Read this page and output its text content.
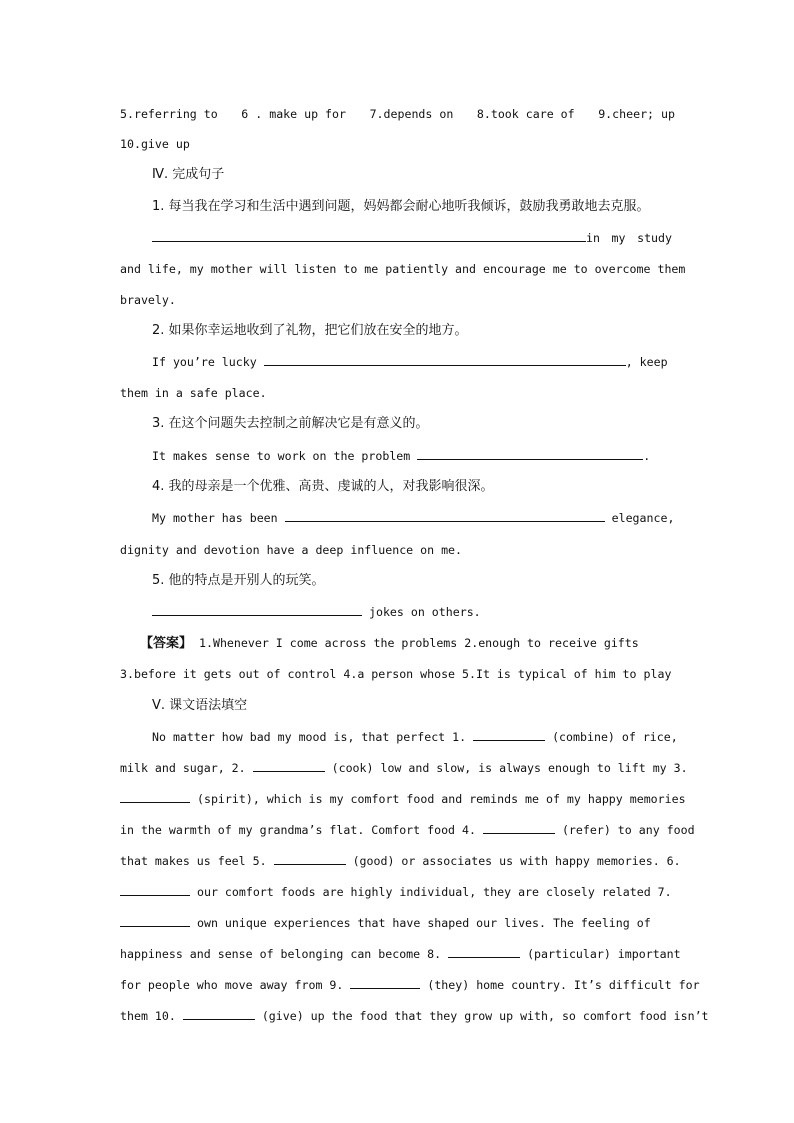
5.referring to 6 . make up for 7.depends on 8.took care of 9.cheer; up
10.give up
Ⅳ. 完成句子
1. 每当我在学习和生活中遇到问题，妈妈都会耐心地听我倾诉，鼓励我勇敢地去克服。
in my study
and life, my mother will listen to me patiently and encourage me to overcome them
bravely.
2. 如果你幸运地收到了礼物，把它们放在安全的地方。
If you’re lucky	, keep
them in a safe place.
3. 在这个问题失去控制之前解决它是有意义的。
It makes sense to work on the problem	.
4. 我的母亲是一个优雅、高贵、虔诚的人，对我影响很深。
My mother has been	elegance,
dignity and devotion have a deep influence on me.
5. 他的特点是开别人的玩笑。
jokes on others.
【答案】 1.Whenever I come across the problems 2.enough to receive gifts
3.before it gets out of control 4.a person whose 5.It is typical of him to play
Ⅴ. 课文语法填空
No matter how bad my mood is, that perfect 1.	(combine) of rice,
milk and sugar, 2.	(cook) low and slow, is always enough to lift my 3.
(spirit), which is my comfort food and reminds me of my happy memories
in the warmth of my grandma’s flat. Comfort food 4.	(refer) to any food
that makes us feel 5.	(good) or associates us with happy memories. 6.
our comfort foods are highly individual, they are closely related 7.
own unique experiences that have shaped our lives. The feeling of
happiness and sense of belonging can become 8.	(particular) important
for people who move away from 9.	(they) home country. It’s difficult for
them 10.	(give) up the food that they grow up with, so comfort food isn’t
